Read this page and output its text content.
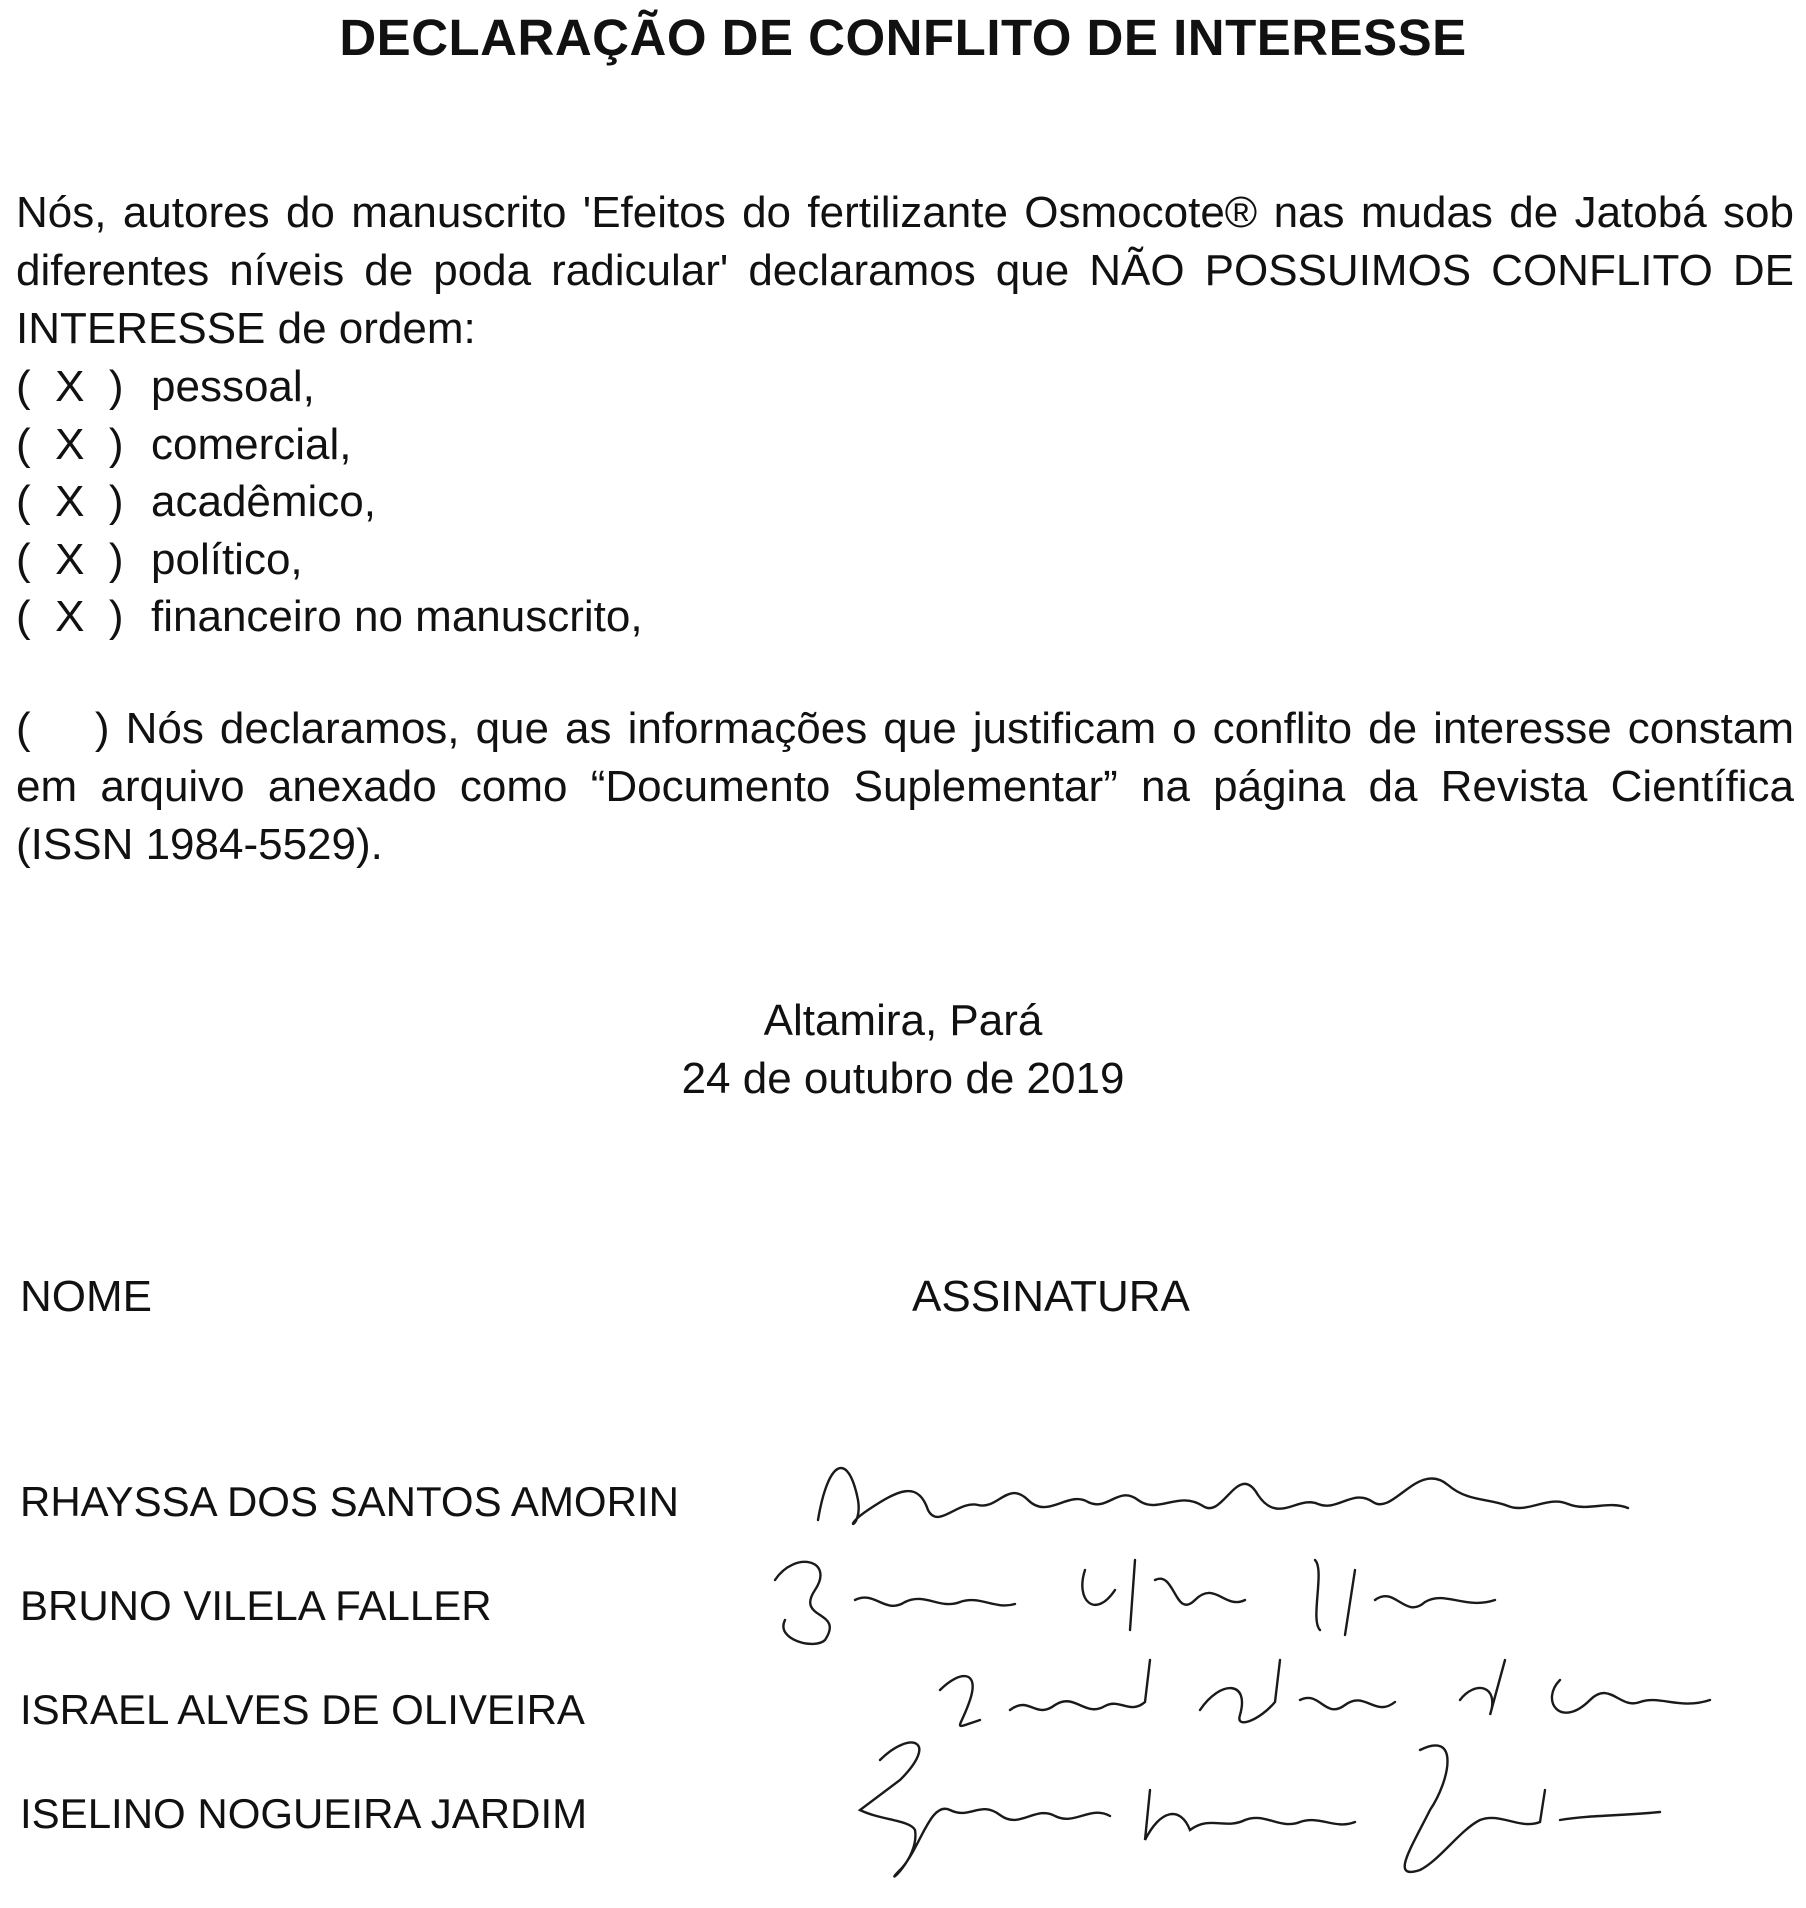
DECLARAÇÃO DE CONFLITO DE INTERESSE
Nós, autores do manuscrito 'Efeitos do fertilizante Osmocote® nas mudas de Jatobá sob diferentes níveis de poda radicular' declaramos que NÃO POSSUIMOS CONFLITO DE INTERESSE de ordem:
(  X  ) pessoal,
(  X  ) comercial,
(  X  ) acadêmico,
(  X  ) político,
(  X  ) financeiro no manuscrito,
(    ) Nós declaramos, que as informações que justificam o conflito de interesse constam em arquivo anexado como “Documento Suplementar” na página da Revista Científica (ISSN 1984-5529).
Altamira, Pará
24 de outubro de 2019
NOME	ASSINATURA
RHAYSSA DOS SANTOS AMORIN
BRUNO VILELA FALLER
ISRAEL ALVES DE OLIVEIRA
ISELINO NOGUEIRA JARDIM
